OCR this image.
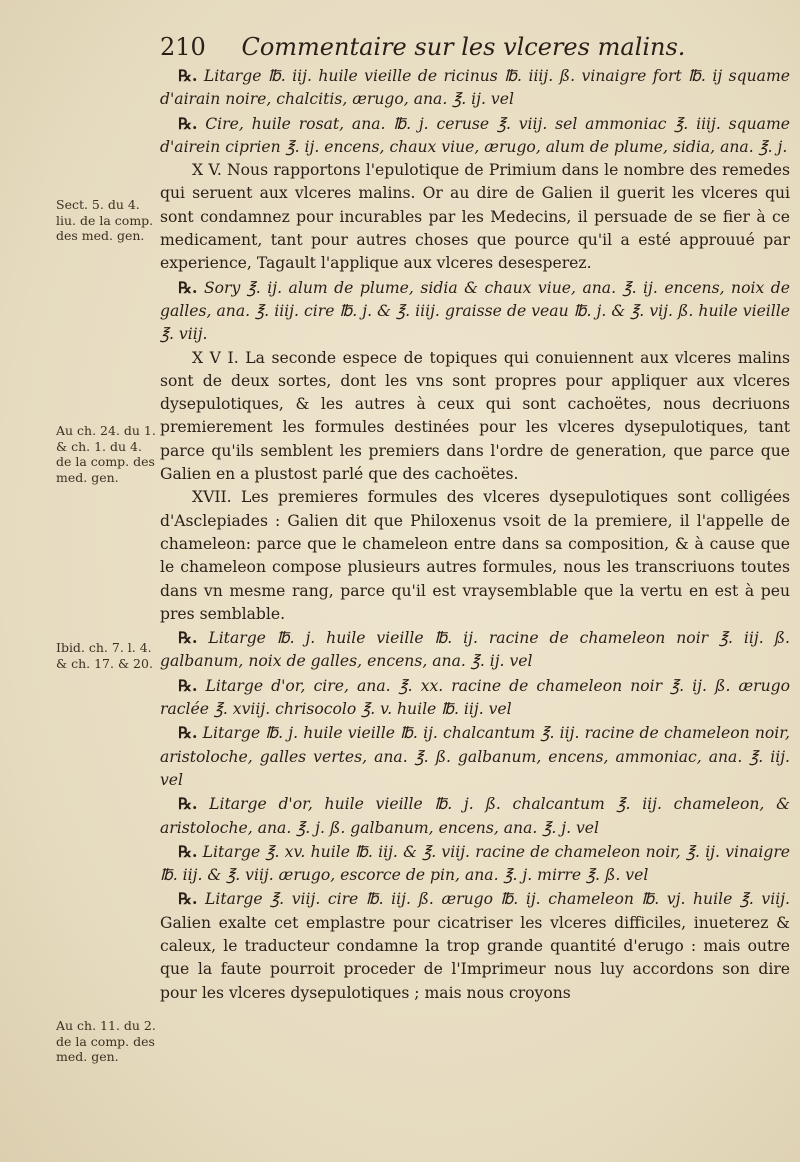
210 Commentaire sur les vlceres malins.
Sect. 5. du 4. liu. de la comp. des med. gen.
Au ch. 24. du 1. & ch. 1. du 4. de la comp. des med. gen.
Ibid. ch. 7. l. 4. & ch. 17. & 20.
Au ch. 11. du 2. de la comp. des med. gen.

℞. Litarge ℔. iij. huile vieille de ricinus ℔. iiij. ß. vinaigre fort ℔. ij squame d'airain noire, chalcitis, ærugo, ana. ℥. ij. vel

℞. Cire, huile rosat, ana. ℔. j. ceruse ℥. viij. sel ammoniac ℥. iiij. squame d'airein ciprien ℥. ij. encens, chaux viue, ærugo, alum de plume, sidia, ana. ℥. j.

X V. Nous rapportons l'epulotique de Primium dans le nombre des remedes qui seruent aux vlceres malins. Or au dire de Galien il guerit les vlceres qui sont condamnez pour incurables par les Medecins, il persuade de se fier à ce medicament, tant pour autres choses que pource qu'il a esté approuué par experience, Tagault l'applique aux vlceres desesperez.

℞. Sory ℥. ij. alum de plume, sidia & chaux viue, ana. ℥. ij. encens, noix de galles, ana. ℥. iiij. cire ℔. j. & ℥. iiij. graisse de veau ℔. j. & ℥. vij. ß. huile vieille ℥. viij.

X V I. La seconde espece de topiques qui conuiennent aux vlceres malins sont de deux sortes, dont les vns sont propres pour appliquer aux vlceres dysepulotiques, & les autres à ceux qui sont cachoëtes, nous decriuons premierement les formules destinées pour les vlceres dysepulotiques, tant parce qu'ils semblent les premiers dans l'ordre de generation, que parce que Galien en a plustost parlé que des cachoëtes.

XVII. Les premieres formules des vlceres dysepulotiques sont colligées d'Asclepiades : Galien dit que Philoxenus vsoit de la premiere, il l'appelle de chameleon: parce que le chameleon entre dans sa composition, & à cause que le chameleon compose plusieurs autres formules, nous les transcriuons toutes dans vn mesme rang, parce qu'il est vraysemblable que la vertu en est à peu pres semblable.

℞. Litarge ℔. j. huile vieille ℔. ij. racine de chameleon noir ℥. iij. ß. galbanum, noix de galles, encens, ana. ℥. ij. vel

℞. Litarge d'or, cire, ana. ℥. xx. racine de chameleon noir ℥. ij. ß. ærugo raclée ℥. xviij. chrisocolo ℥. v. huile ℔. iij. vel

℞. Litarge ℔. j. huile vieille ℔. ij. chalcantum ℥. iij. racine de chameleon noir, aristoloche, galles vertes, ana. ℥. ß. galbanum, encens, ammoniac, ana. ℥. iij. vel

℞. Litarge d'or, huile vieille ℔. j. ß. chalcantum ℥. iij. chameleon, & aristoloche, ana. ℥. j. ß. galbanum, encens, ana. ℥. j. vel

℞. Litarge ℥. xv. huile ℔. iij. & ℥. viij. racine de chameleon noir, ℥. ij. vinaigre ℔. iij. & ℥. viij. ærugo, escorce de pin, ana. ℥. j. mirre ℥. ß. vel

℞. Litarge ℥. viij. cire ℔. iij. ß. ærugo ℔. ij. chameleon ℔. vj. huile ℥. viij. Galien exalte cet emplastre pour cicatriser les vlceres difficiles, inueterez & caleux, le traducteur condamne la trop grande quantité d'erugo : mais outre que la faute pourroit proceder de l'Imprimeur nous luy accordons son dire pour les vlceres dysepulotiques ; mais nous croyons
